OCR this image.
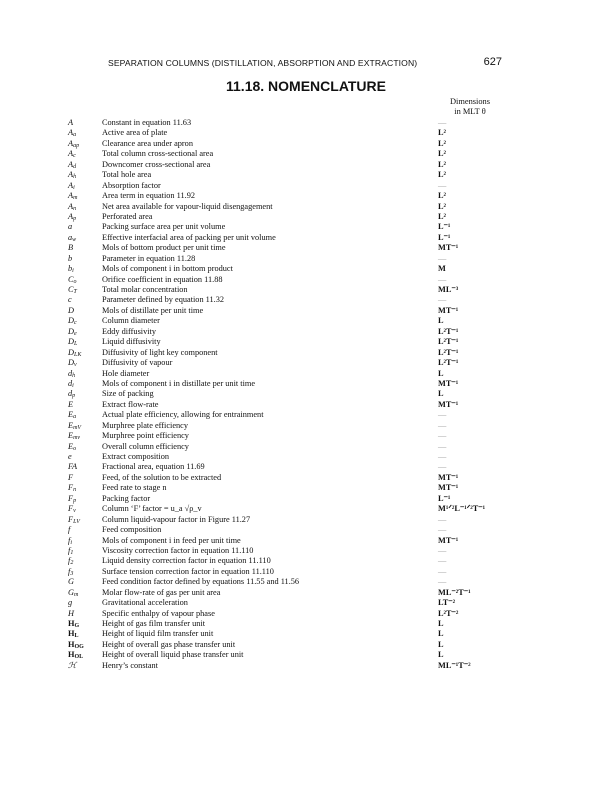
SEPARATION COLUMNS (DISTILLATION, ABSORPTION AND EXTRACTION)	627
11.18. NOMENCLATURE
Dimensions
in MLT θ
A	Constant in equation 11.63	—
$A_a$	Active area of plate	L²
$A_{ap}$	Clearance area under apron	L²
$A_c$	Total column cross-sectional area	L²
$A_d$	Downcomer cross-sectional area	L²
$A_h$	Total hole area	L²
$A_i$	Absorption factor	—
$A_m$	Area term in equation 11.92	L²
$A_n$	Net area available for vapour-liquid disengagement	L²
$A_p$	Perforated area	L²
a	Packing surface area per unit volume	L⁻¹
$a_w$	Effective interfacial area of packing per unit volume	L⁻¹
B	Mols of bottom product per unit time	MT⁻¹
b	Parameter in equation 11.28	—
$b_i$	Mols of component i in bottom product	M
$C_o$	Orifice coefficient in equation 11.88	—
$C_T$	Total molar concentration	ML⁻³
c	Parameter defined by equation 11.32	—
D	Mols of distillate per unit time	MT⁻¹
$D_c$	Column diameter	L
$D_e$	Eddy diffusivity	L²T⁻¹
$D_L$	Liquid diffusivity	L²T⁻¹
$D_{LK}$	Diffusivity of light key component	L²T⁻¹
$D_v$	Diffusivity of vapour	L²T⁻¹
$d_h$	Hole diameter	L
$d_i$	Mols of component i in distillate per unit time	MT⁻¹
$d_p$	Size of packing	L
E	Extract flow-rate	MT⁻¹
$E_a$	Actual plate efficiency, allowing for entrainment	—
$E_{mV}$	Murphree plate efficiency	—
$E_{mv}$	Murphree point efficiency	—
$E_o$	Overall column efficiency	—
e	Extract composition	—
FA	Fractional area, equation 11.69	—
F	Feed, of the solution to be extracted	MT⁻¹
$F_n$	Feed rate to stage n	MT⁻¹
$F_p$	Packing factor	L⁻¹
$F_v$	Column ‘F’ factor = u_a √ρ_v	M¹ᐟ²L⁻¹ᐟ²T⁻¹
$F_{LV}$	Column liquid-vapour factor in Figure 11.27	—
f	Feed composition	—
$f_i$	Mols of component i in feed per unit time	MT⁻¹
$f_1$	Viscosity correction factor in equation 11.110	—
$f_2$	Liquid density correction factor in equation 11.110	—
$f_3$	Surface tension correction factor in equation 11.110	—
G	Feed condition factor defined by equations 11.55 and 11.56	—
$G_m$	Molar flow-rate of gas per unit area	ML⁻²T⁻¹
g	Gravitational acceleration	LT⁻²
H	Specific enthalpy of vapour phase	L²T⁻²
$H_G$	Height of gas film transfer unit	L
$H_L$	Height of liquid film transfer unit	L
$H_{OG}$	Height of overall gas phase transfer unit	L
$H_{OL}$	Height of overall liquid phase transfer unit	L
ℋ	Henry’s constant	ML⁻¹T⁻²
